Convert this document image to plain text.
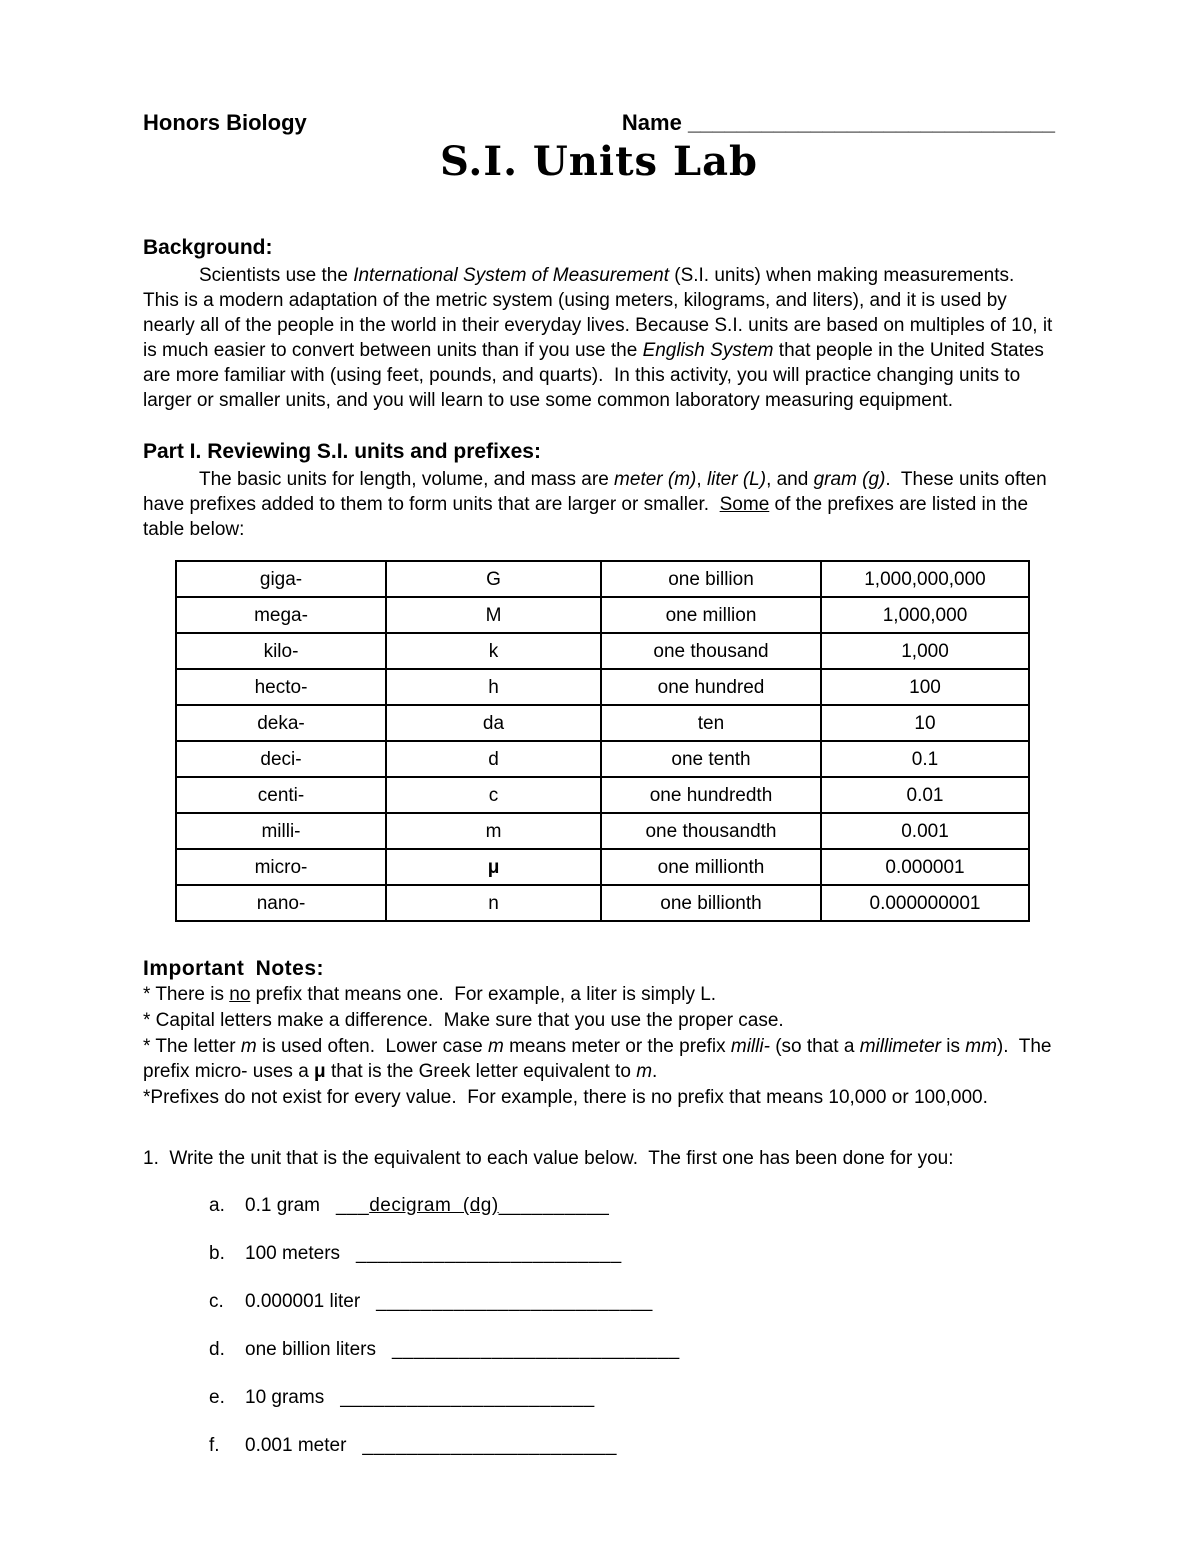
Honors Biology	Name ______________________________
S.I. Units Lab
Background:

Scientists use the International System of Measurement (S.I. units) when making measurements.  This is a modern adaptation of the metric system (using meters, kilograms, and liters), and it is used by nearly all of the people in the world in their everyday lives. Because S.I. units are based on multiples of 10, it is much easier to convert between units than if you use the English System that people in the United States are more familiar with (using feet, pounds, and quarts).  In this activity, you will practice changing units to larger or smaller units, and you will learn to use some common laboratory measuring equipment.

Part I. Reviewing S.I. units and prefixes:

The basic units for length, volume, and mass are meter (m), liter (L), and gram (g).  These units often have prefixes added to them to form units that are larger or smaller.  Some of the prefixes are listed in the table below:

giga-	G	one billion	1,000,000,000
mega-	M	one million	1,000,000
kilo-	k	one thousand	1,000
hecto-	h	one hundred	100
deka-	da	ten	10
deci-	d	one tenth	0.1
centi-	c	one hundredth	0.01
milli-	m	one thousandth	0.001
micro-	μ	one millionth	0.000001
nano-	n	one billionth	0.000000001
Important Notes:

* There is no prefix that means one.  For example, a liter is simply L.

* Capital letters make a difference.  Make sure that you use the proper case.

* The letter m is used often.  Lower case m means meter or the prefix milli- (so that a millimeter is mm).  The prefix micro- uses a μ that is the Greek letter equivalent to m.

*Prefixes do not exist for every value.  For example, there is no prefix that means 10,000 or 100,000.

1.  Write the unit that is the equivalent to each value below.  The first one has been done for you:

a.	0.1 gram ___decigram  (dg)__________
b.	100 meters ________________________
c.	0.000001 liter _________________________
d.	one billion liters __________________________
e.	10 grams _______________________
f.	0.001 meter _______________________
